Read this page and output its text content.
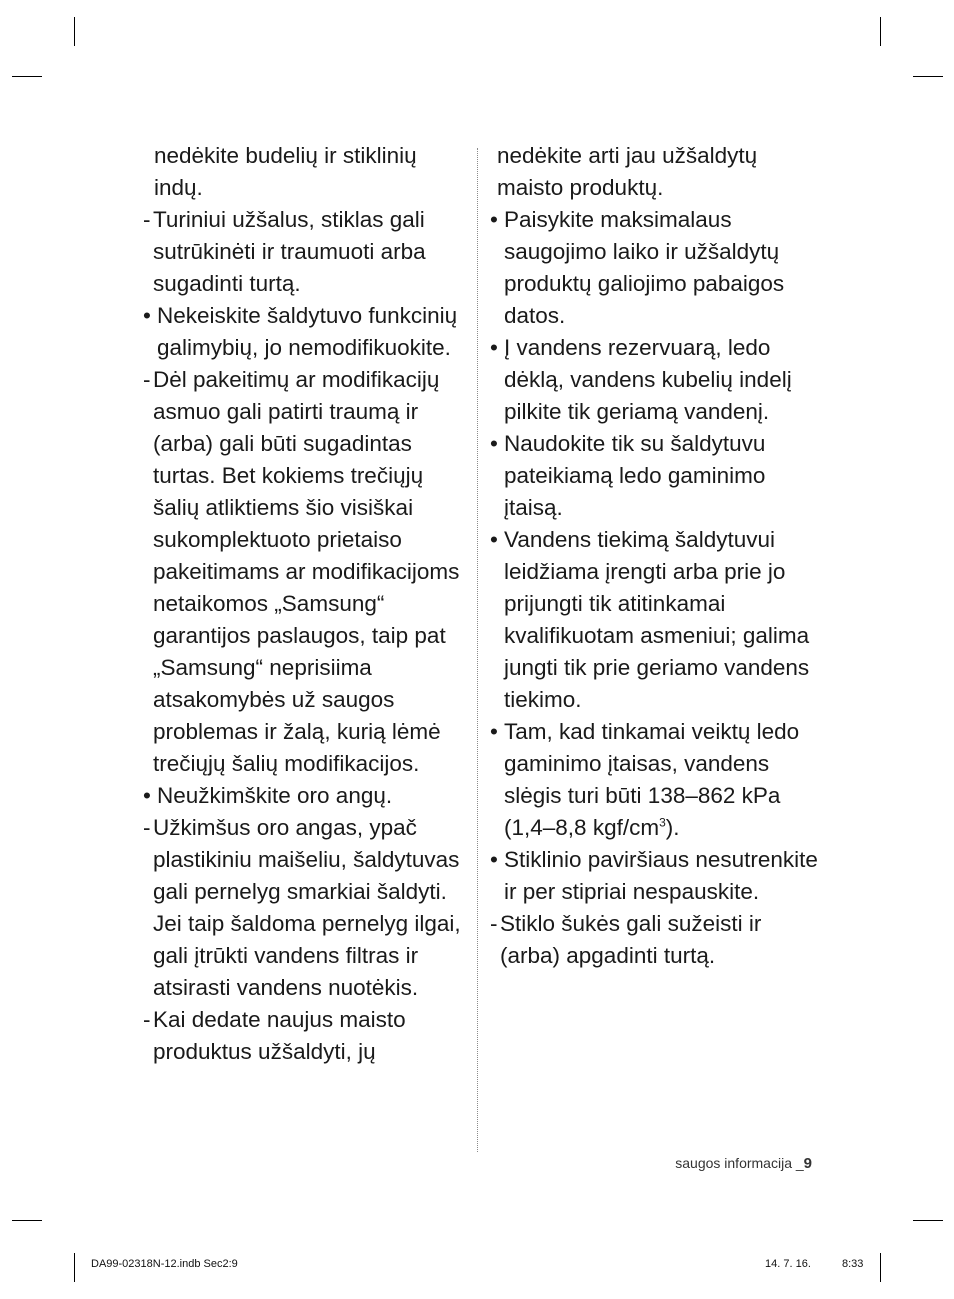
nedėkite budelių ir stiklinių indų.
- Turiniui užšalus, stiklas gali sutrūkinėti ir traumuoti arba sugadinti turtą.
• Nekeiskite šaldytuvo funkcinių galimybių, jo nemodifikuokite.
- Dėl pakeitimų ar modifikacijų asmuo gali patirti traumą ir (arba) gali būti sugadintas turtas. Bet kokiems trečiųjų šalių atliktiems šio visiškai sukomplektuoto prietaiso pakeitimams ar modifikacijoms netaikomos „Samsung“ garantijos paslaugos, taip pat „Samsung“ neprisiima atsakomybės už saugos problemas ir žalą, kurią lėmė trečiųjų šalių modifikacijos.
• Neužkimškite oro angų.
- Užkimšus oro angas, ypač plastikiniu maišeliu, šaldytuvas gali pernelyg smarkiai šaldyti. Jei taip šaldoma pernelyg ilgai, gali įtrūkti vandens filtras ir atsirasti vandens nuotėkis.
- Kai dedate naujus maisto produktus užšaldyti, jų
nedėkite arti jau užšaldytų maisto produktų.
• Paisykite maksimalaus saugojimo laiko ir užšaldytų produktų galiojimo pabaigos datos.
• Į vandens rezervuarą, ledo dėklą, vandens kubelių indelį pilkite tik geriamą vandenį.
• Naudokite tik su šaldytuvu pateikiamą ledo gaminimo įtaisą.
• Vandens tiekimą šaldytuvui leidžiama įrengti arba prie jo prijungti tik atitinkamai kvalifikuotam asmeniui; galima jungti tik prie geriamo vandens tiekimo.
• Tam, kad tinkamai veiktų ledo gaminimo įtaisas, vandens slėgis turi būti 138–862 kPa (1,4–8,8 kgf/$cm^3$).
• Stiklinio paviršiaus nesutrenkite ir per stipriai nespauskite.
- Stiklo šukės gali sužeisti ir (arba) apgadinti turtą.
saugos informacija _9
DA99-02318N-12.indb Sec2:9	14. 7. 16.	8:33
